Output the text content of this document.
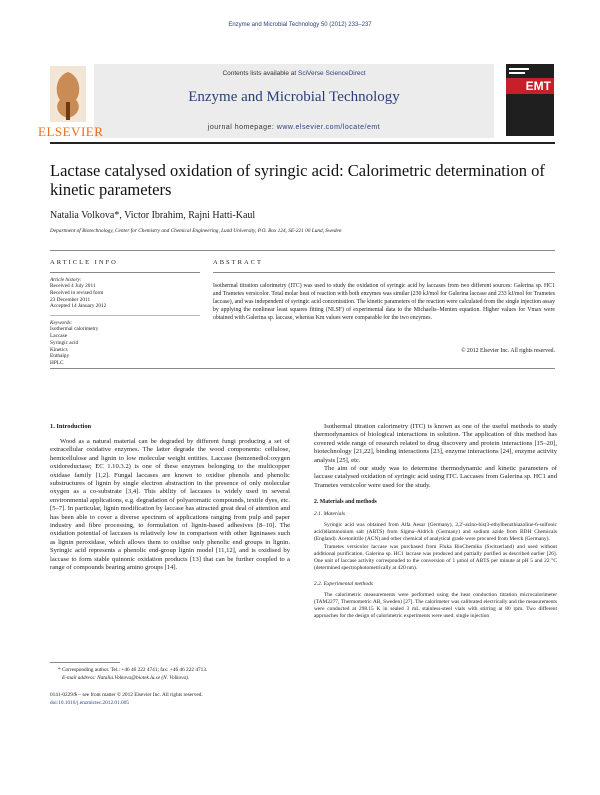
Enzyme and Microbial Technology 50 (2012) 233–237
ELSEVIER
Contents lists available at SciVerse ScienceDirect
Enzyme and Microbial Technology
journal homepage: www.elsevier.com/locate/emt
EMT
Lactase catalysed oxidation of syringic acid: Calorimetric determination of kinetic parameters
Natalia Volkova*, Victor Ibrahim, Rajni Hatti-Kaul
Department of Biotechnology, Center for Chemistry and Chemical Engineering, Lund University, P.O. Box 124, SE-221 00 Lund, Sweden
ARTICLE INFO
Article history:
Received 4 July 2011
Received in revised form
23 December 2011
Accepted 14 January 2012
Keywords:
Isothermal calorimetry
Laccase
Syringic acid
Kinetics
Enthalpy
HPLC
ABSTRACT
Isothermal titration calorimetry (ITC) was used to study the oxidation of syringic acid by laccases from two different sources: Galerina sp. HC1 and Trametes versicolor. Total molar heat of reaction with both enzymes was similar (230 kJ/mol for Galerina laccase and 233 kJ/mol for Trametes laccase), and was independent of syringic acid concentration. The kinetic parameters of the reaction were calculated from the single injection assay by applying the nonlinear least squares fitting (NLSF) of experimental data to the Michaelis–Menten equation. Higher values for Vmax were obtained with Galerina sp. laccase, whereas Km values were comparable for the two enzymes.
© 2012 Elsevier Inc. All rights reserved.
1. Introduction

Wood as a natural material can be degraded by different fungi producing a set of extracellular oxidative enzymes. The latter degrade the wood components: cellulose, hemicellulose and lignin to low molecular weight entities. Laccase (benzenediol:oxygen oxidoreductase; EC 1.10.3.2) is one of these enzymes belonging to the multicopper oxidase family [1,2]. Fungal laccases are known to oxidise phenols and phenolic substructures of lignin by single electron abstraction in the presence of only molecular oxygen as a co-substrate [3,4]. This ability of laccases is widely used in several environmental applications, e.g. degradation of polyaromatic compounds, textile dyes, etc. [5–7]. In particular, lignin modification by laccase has attracted great deal of attention and has been able to cover a diverse spectrum of applications ranging from pulp and paper industry and fibre processing, to formulation of lignin-based adhesives [8–10]. The oxidation potential of laccases is relatively low in comparison with other ligninases such as lignin peroxidase, which allows them to oxidise only phenolic end groups in lignin. Syringic acid represents a phenolic end-group lignin model [11,12], and is oxidised by laccase to form stable quinonic oxidation products [13] that can be further coupled to a range of compounds bearing amino groups [14].

* Corresponding author. Tel.: +46 46 222 4741; fax: +46 46 222 4713.
E-mail address: Natalia.Volkova@biotek.lu.se (N. Volkova).
0141-0229/$ – see front matter © 2012 Elsevier Inc. All rights reserved.
doi:10.1016/j.enzmictec.2012.01.005

Isothermal titration calorimetry (ITC) is known as one of the useful methods to study thermodynamics of biological interactions in solution. The application of this method has covered wide range of research related to drug discovery and protein interactions [15–20], biotechnology [21,22], binding interactions [23], enzyme interactions [24], enzyme activity analysis [25], etc.

The aim of our study was to determine thermodynamic and kinetic parameters of laccase catalysed oxidation of syringic acid using ITC. Laccases from Galerina sp. HC1 and Trametes versicolor were used for the study.

2. Materials and methods
2.1. Materials

Syringic acid was obtained from Alfa Aesar (Germany), 2,2′-azino-bis(3-ethylbenzthiazoline-6-sulfonic acid)diammonium salt (ABTS) from Sigma–Aldrich (Germany) and sodium azide from BDH Chemicals (England). Acetonitrile (ACN) and other chemical of analytical grade were procured from Merck (Germany).

Trametes versicolor laccase was purchased from Fluka BioChemika (Switzerland) and used without additional purification. Galerina sp. HC1 laccase was produced and partially purified as described earlier [26]. One unit of laccase activity corresponded to the conversion of 1 μmol of ABTS per minute at pH 5 and 22 °C (determined spectrophotometrically at 420 nm).

2.2. Experimental methods

The calorimetric measurements were performed using the heat conduction titration microcalorimeter (TAM2277, Thermometric AB, Sweden) [27]. The calorimeter was calibrated electrically and the measurements were conducted at 298.15 K in sealed 3 mL stainless-steel vials with stirring at 80 rpm. Two different approaches for the design of calorimetric experiments were used: single injection
